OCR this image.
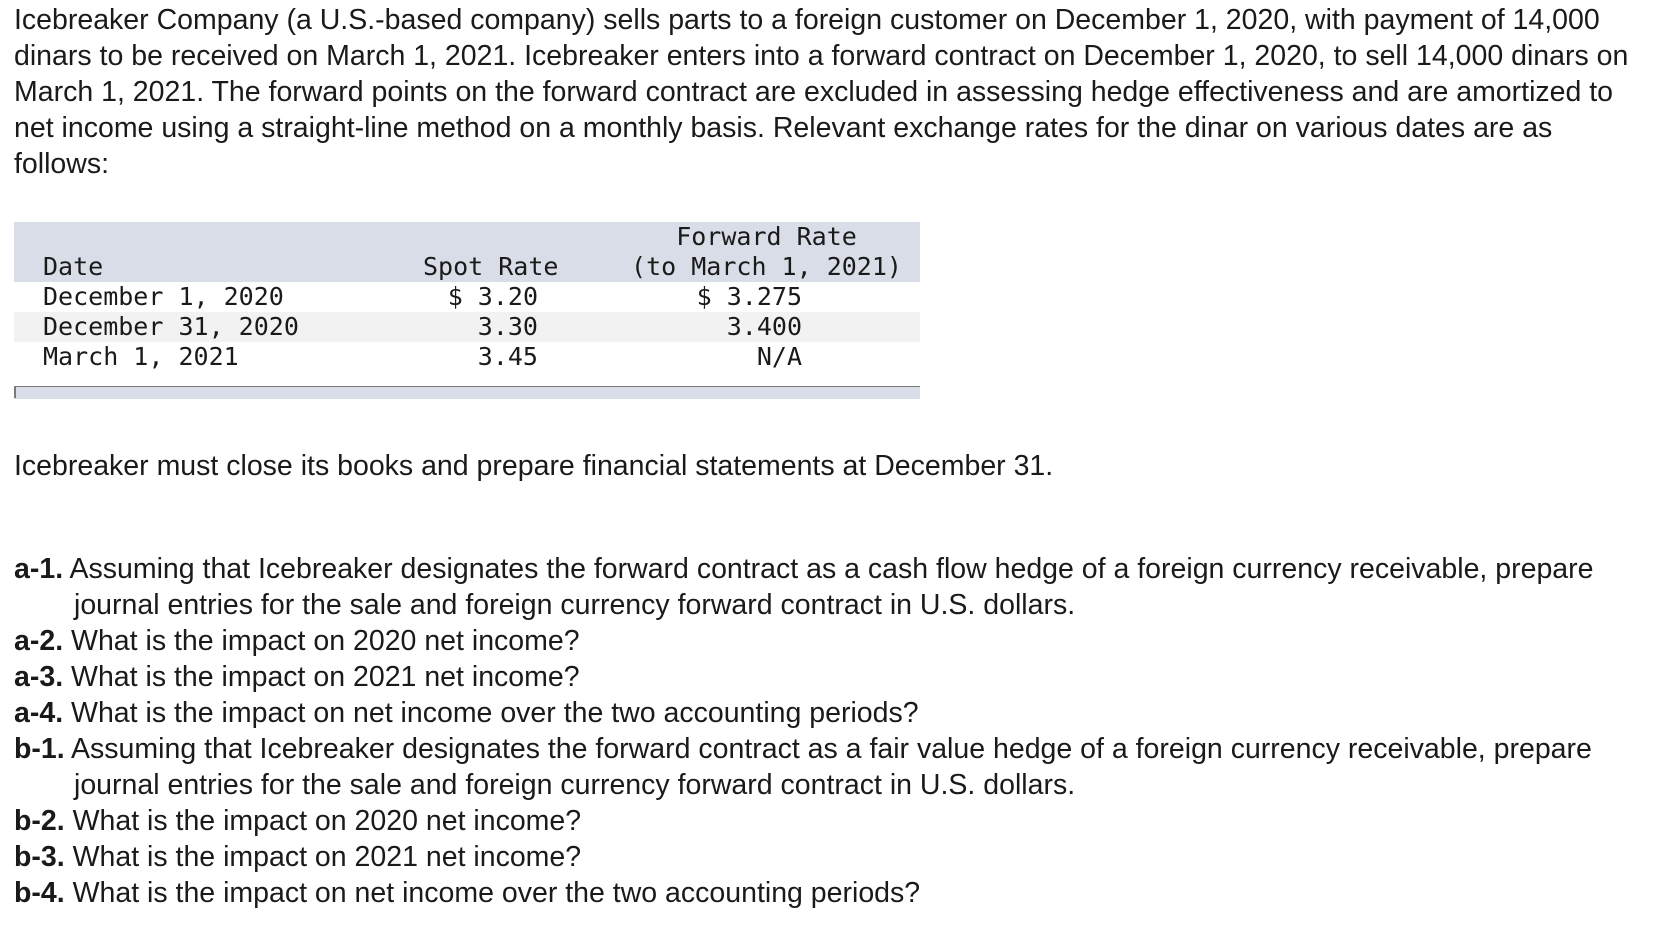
Icebreaker Company (a U.S.-based company) sells parts to a foreign customer on December 1, 2020, with payment of 14,000 dinars to be received on March 1, 2021. Icebreaker enters into a forward contract on December 1, 2020, to sell 14,000 dinars on March 1, 2021. The forward points on the forward contract are excluded in assessing hedge effectiveness and are amortized to net income using a straight-line method on a monthly basis. Relevant exchange rates for the dinar on various dates are as follows:

Date	Spot Rate	Forward Rate
(to March 1, 2021)

December 1, 2020	$ 3.20	$ 3.275
December 31, 2020	3.30	3.400
March 1, 2021	3.45	N/A

Icebreaker must close its books and prepare financial statements at December 31.

a-1. Assuming that Icebreaker designates the forward contract as a cash flow hedge of a foreign currency receivable, prepare journal entries for the sale and foreign currency forward contract in U.S. dollars.
a-2. What is the impact on 2020 net income?
a-3. What is the impact on 2021 net income?
a-4. What is the impact on net income over the two accounting periods?
b-1. Assuming that Icebreaker designates the forward contract as a fair value hedge of a foreign currency receivable, prepare journal entries for the sale and foreign currency forward contract in U.S. dollars.
b-2. What is the impact on 2020 net income?
b-3. What is the impact on 2021 net income?
b-4. What is the impact on net income over the two accounting periods?
